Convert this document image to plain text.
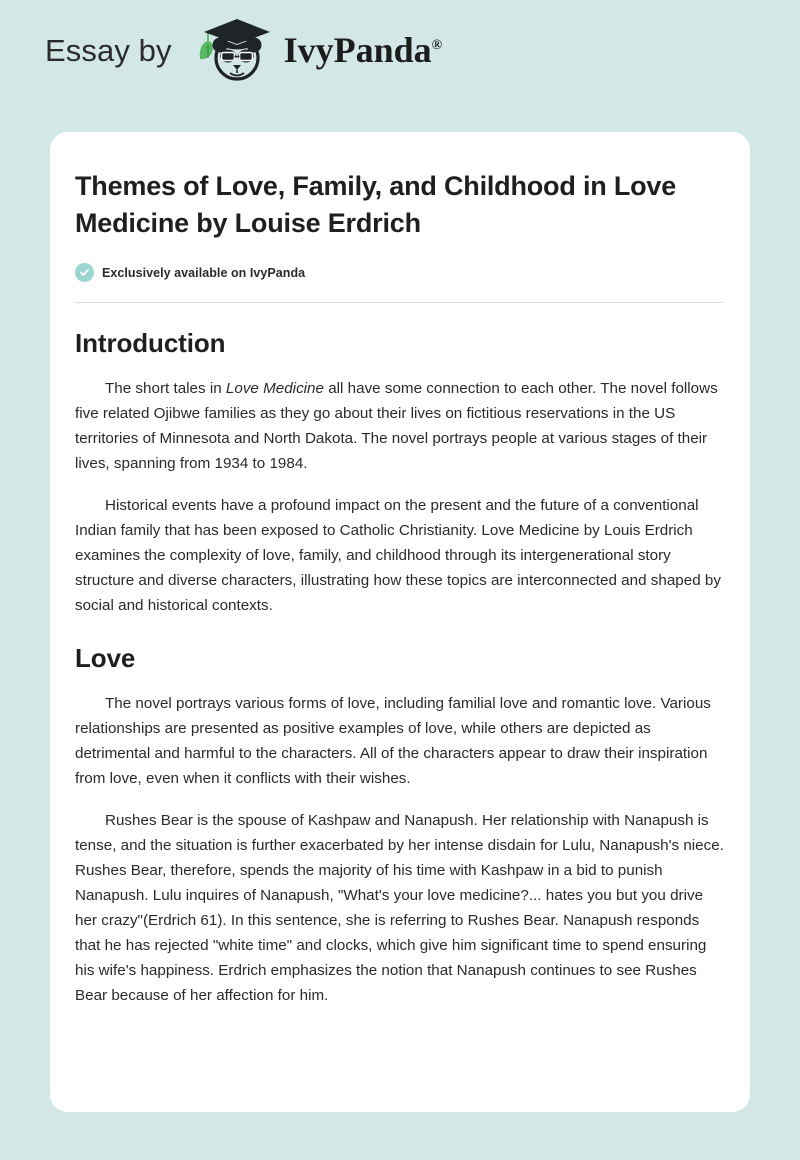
Essay by	IvyPanda®
Themes of Love, Family, and Childhood in Love Medicine by Louise Erdrich
Exclusively available on IvyPanda
Introduction

The short tales in Love Medicine all have some connection to each other. The novel follows five related Ojibwe families as they go about their lives on fictitious reservations in the US territories of Minnesota and North Dakota. The novel portrays people at various stages of their lives, spanning from 1934 to 1984.

Historical events have a profound impact on the present and the future of a conventional Indian family that has been exposed to Catholic Christianity. Love Medicine by Louis Erdrich examines the complexity of love, family, and childhood through its intergenerational story structure and diverse characters, illustrating how these topics are interconnected and shaped by social and historical contexts.

Love

The novel portrays various forms of love, including familial love and romantic love. Various relationships are presented as positive examples of love, while others are depicted as detrimental and harmful to the characters. All of the characters appear to draw their inspiration from love, even when it conflicts with their wishes.

Rushes Bear is the spouse of Kashpaw and Nanapush. Her relationship with Nanapush is tense, and the situation is further exacerbated by her intense disdain for Lulu, Nanapush's niece. Rushes Bear, therefore, spends the majority of his time with Kashpaw in a bid to punish Nanapush. Lulu inquires of Nanapush, "What's your love medicine?... hates you but you drive her crazy"(Erdrich 61). In this sentence, she is referring to Rushes Bear. Nanapush responds that he has rejected "white time" and clocks, which give him significant time to spend ensuring his wife's happiness. Erdrich emphasizes the notion that Nanapush continues to see Rushes Bear because of her affection for him.
